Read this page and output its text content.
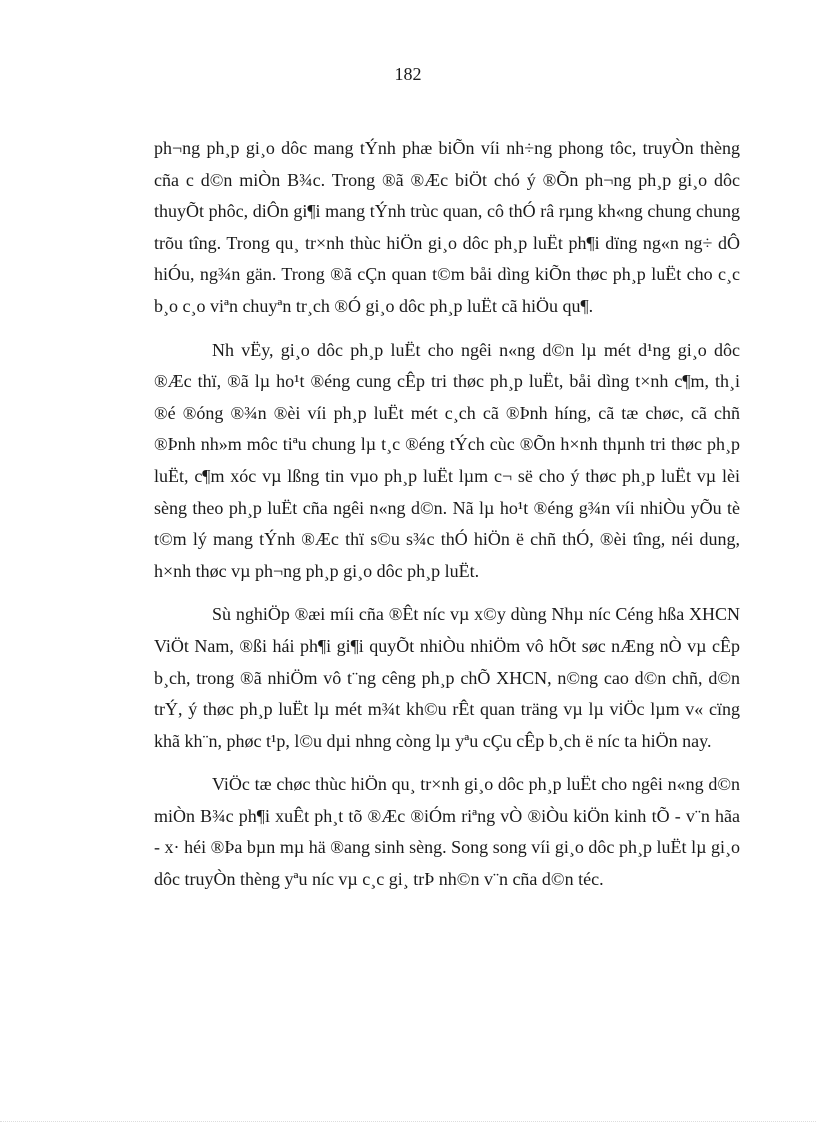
182

ph¬ng ph¸p gi¸o dôc mang tÝnh phæ biÕn víi nh÷ng phong tôc, truyÒn thèng cña c d©n miÒn B¾c. Trong ®ã ®Æc biÖt chó ý ®Õn ph¬ng ph¸p gi¸o dôc thuyÕt phôc, diÔn gi¶i mang tÝnh trùc quan, cô thÓ râ rµng kh«ng chung chung trõu tîng. Trong qu¸ tr×nh thùc hiÖn gi¸o dôc ph¸p luËt ph¶i dïng ng«n ng÷ dÔ hiÓu, ng¾n gän. Trong ®ã cÇn quan t©m båi dìng kiÕn thøc ph¸p luËt cho c¸c b¸o c¸o viªn chuyªn tr¸ch ®Ó gi¸o dôc ph¸p luËt cã hiÖu qu¶.

Nh vËy, gi¸o dôc ph¸p luËt cho ngêi n«ng d©n lµ mét d¹ng gi¸o dôc ®Æc thï, ®ã lµ ho¹t ®éng cung cÊp tri thøc ph¸p luËt, båi dìng t×nh c¶m, th¸i ®é ®óng ®¾n ®èi víi ph¸p luËt mét c¸ch cã ®Þnh híng, cã tæ chøc, cã chñ ®Þnh nh»m môc tiªu chung lµ t¸c ®éng tÝch cùc ®Õn h×nh thµnh tri thøc ph¸p luËt, c¶m xóc vµ lßng tin vµo ph¸p luËt lµm c¬ së cho ý thøc ph¸p luËt vµ lèi sèng theo ph¸p luËt cña ngêi n«ng d©n. Nã lµ ho¹t ®éng g¾n víi nhiÒu yÕu tè t©m lý mang tÝnh ®Æc thï s©u s¾c thÓ hiÖn ë chñ thÓ, ®èi tîng, néi dung, h×nh thøc vµ ph¬ng ph¸p gi¸o dôc ph¸p luËt.

Sù nghiÖp ®æi míi cña ®Êt níc vµ x©y dùng Nhµ níc Céng hßa XHCN ViÖt Nam, ®ßi hái ph¶i gi¶i quyÕt nhiÒu nhiÖm vô hÕt søc nÆng nÒ vµ cÊp b¸ch, trong ®ã nhiÖm vô t¨ng cêng ph¸p chÕ XHCN, n©ng cao d©n chñ, d©n trÝ, ý thøc ph¸p luËt lµ mét m¾t kh©u rÊt quan träng vµ lµ viÖc lµm v« cïng khã kh¨n, phøc t¹p, l©u dµi nhng còng lµ yªu cÇu cÊp b¸ch ë níc ta hiÖn nay.

ViÖc tæ chøc thùc hiÖn qu¸ tr×nh gi¸o dôc ph¸p luËt cho ngêi n«ng d©n miÒn B¾c ph¶i xuÊt ph¸t tõ ®Æc ®iÓm riªng vÒ ®iÒu kiÖn kinh tÕ - v¨n hãa - x· héi ®Þa bµn mµ hä ®ang sinh sèng. Song song víi gi¸o dôc ph¸p luËt lµ gi¸o dôc truyÒn thèng yªu níc vµ c¸c gi¸ trÞ nh©n v¨n cña d©n téc.
